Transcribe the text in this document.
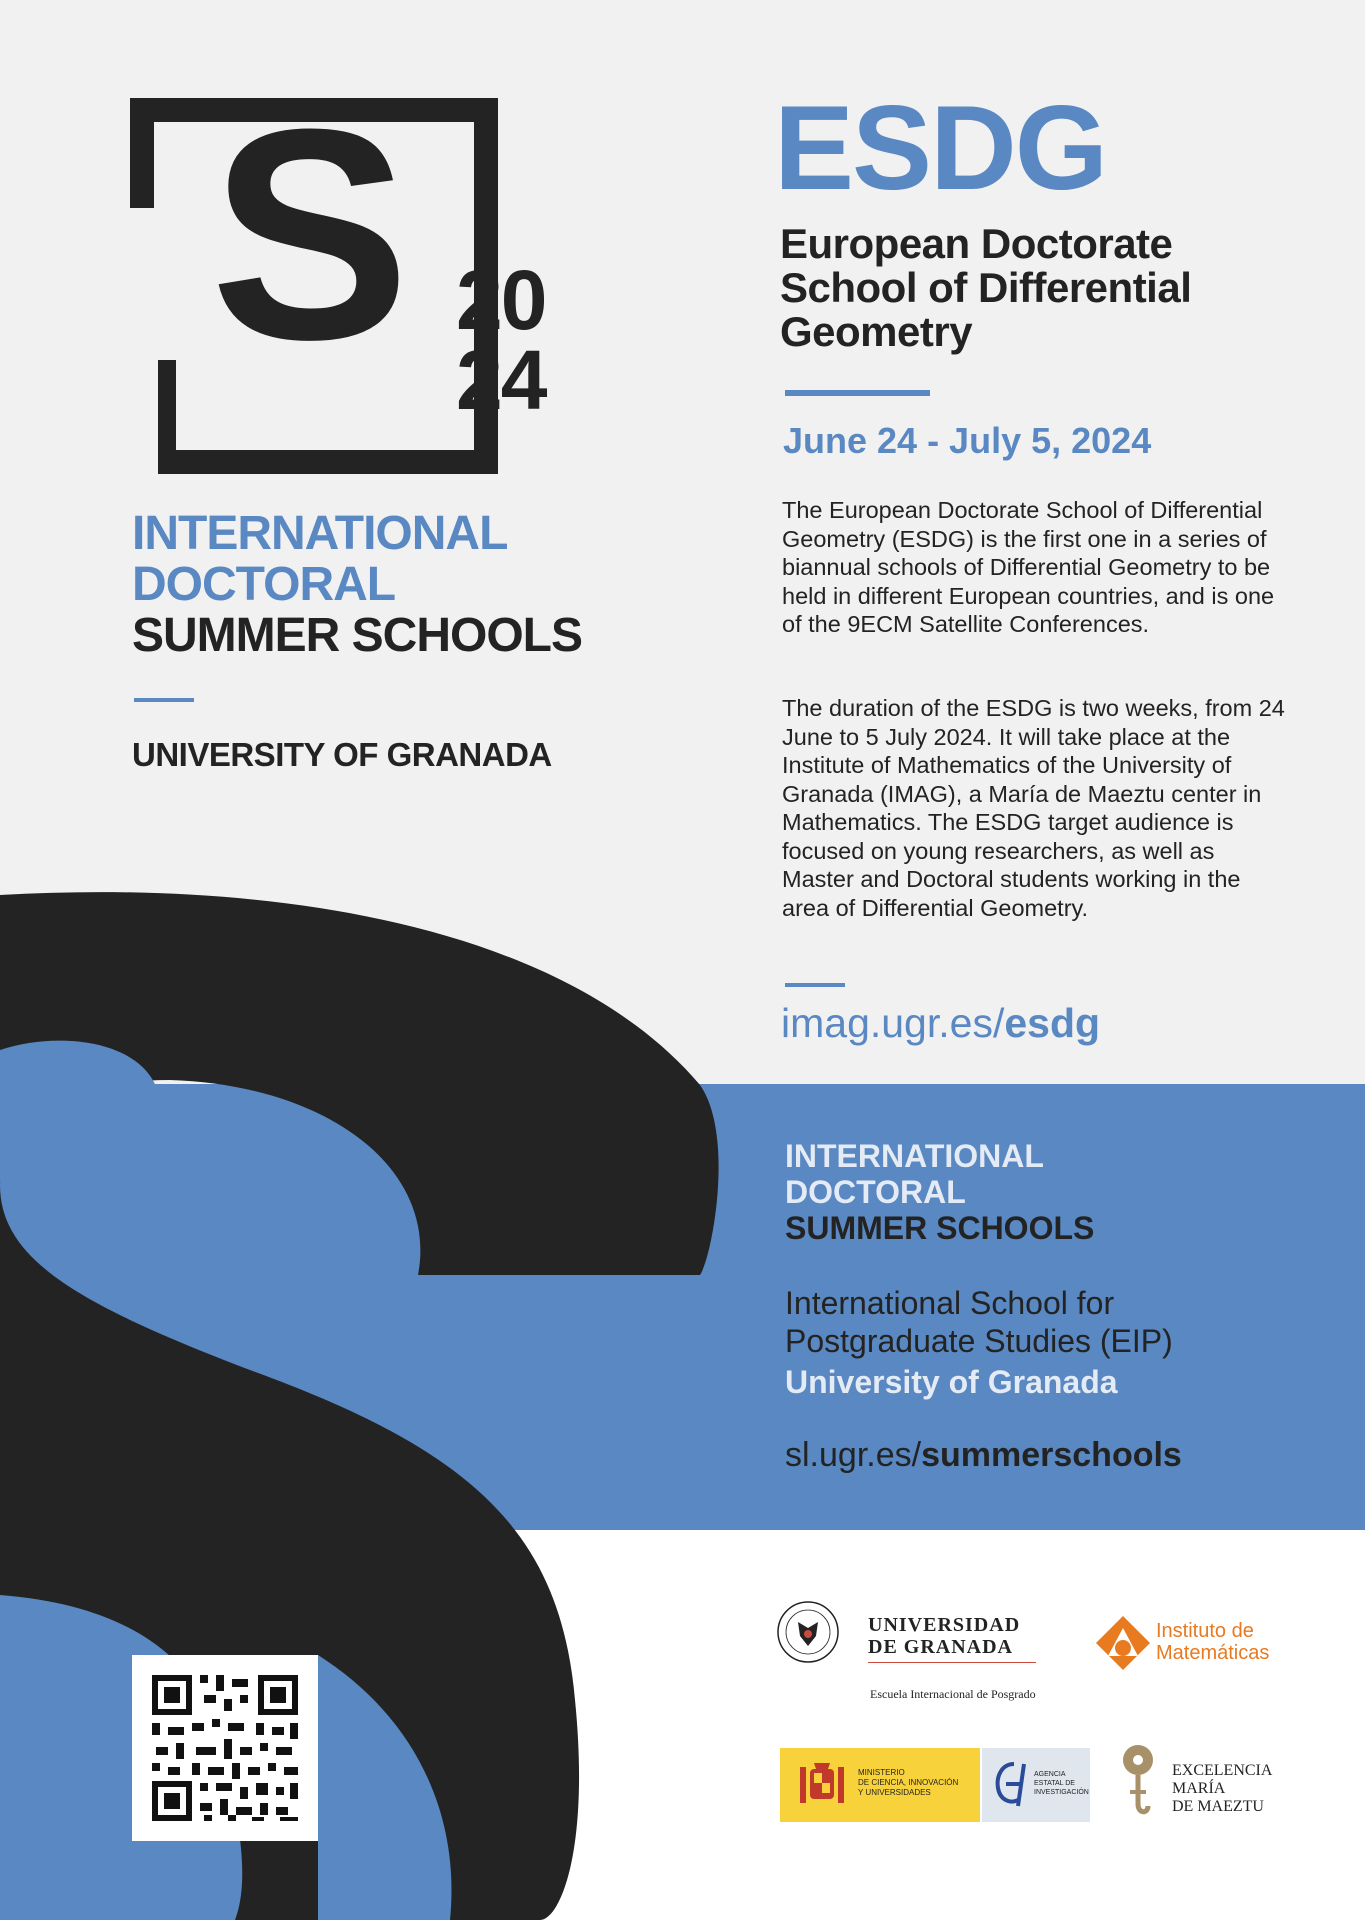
S 20
24
INTERNATIONAL
DOCTORAL
SUMMER SCHOOLS
UNIVERSITY OF GRANADA
ESDG
European Doctorate
School of Differential
Geometry
June 24 - July 5, 2024

The European Doctorate School of Differential Geometry (ESDG) is the first one in a series of biannual schools of Differential Geometry to be held in different European countries, and is one of the 9ECM Satellite Conferences.

The duration of the ESDG is two weeks, from 24 June to 5 July 2024. It will take place at the Institute of Mathematics of the University of Granada (IMAG), a María de Maeztu center in Mathematics. The ESDG target audience is focused on young researchers, as well as Master and Doctoral students working in the area of Differential Geometry.

imag.ugr.es/esdg
INTERNATIONAL
DOCTORAL
SUMMER SCHOOLS
International School for
Postgraduate Studies (EIP)
University of Granada
sl.ugr.es/summerschools
UNIVERSIDAD
DE GRANADA
Escuela Internacional de Posgrado
Instituto de
Matemáticas
MINISTERIO
DE CIENCIA, INNOVACIÓN
Y UNIVERSIDADES
AGENCIA
ESTATAL DE
INVESTIGACIÓN
EXCELENCIA
MARÍA
DE MAEZTU
